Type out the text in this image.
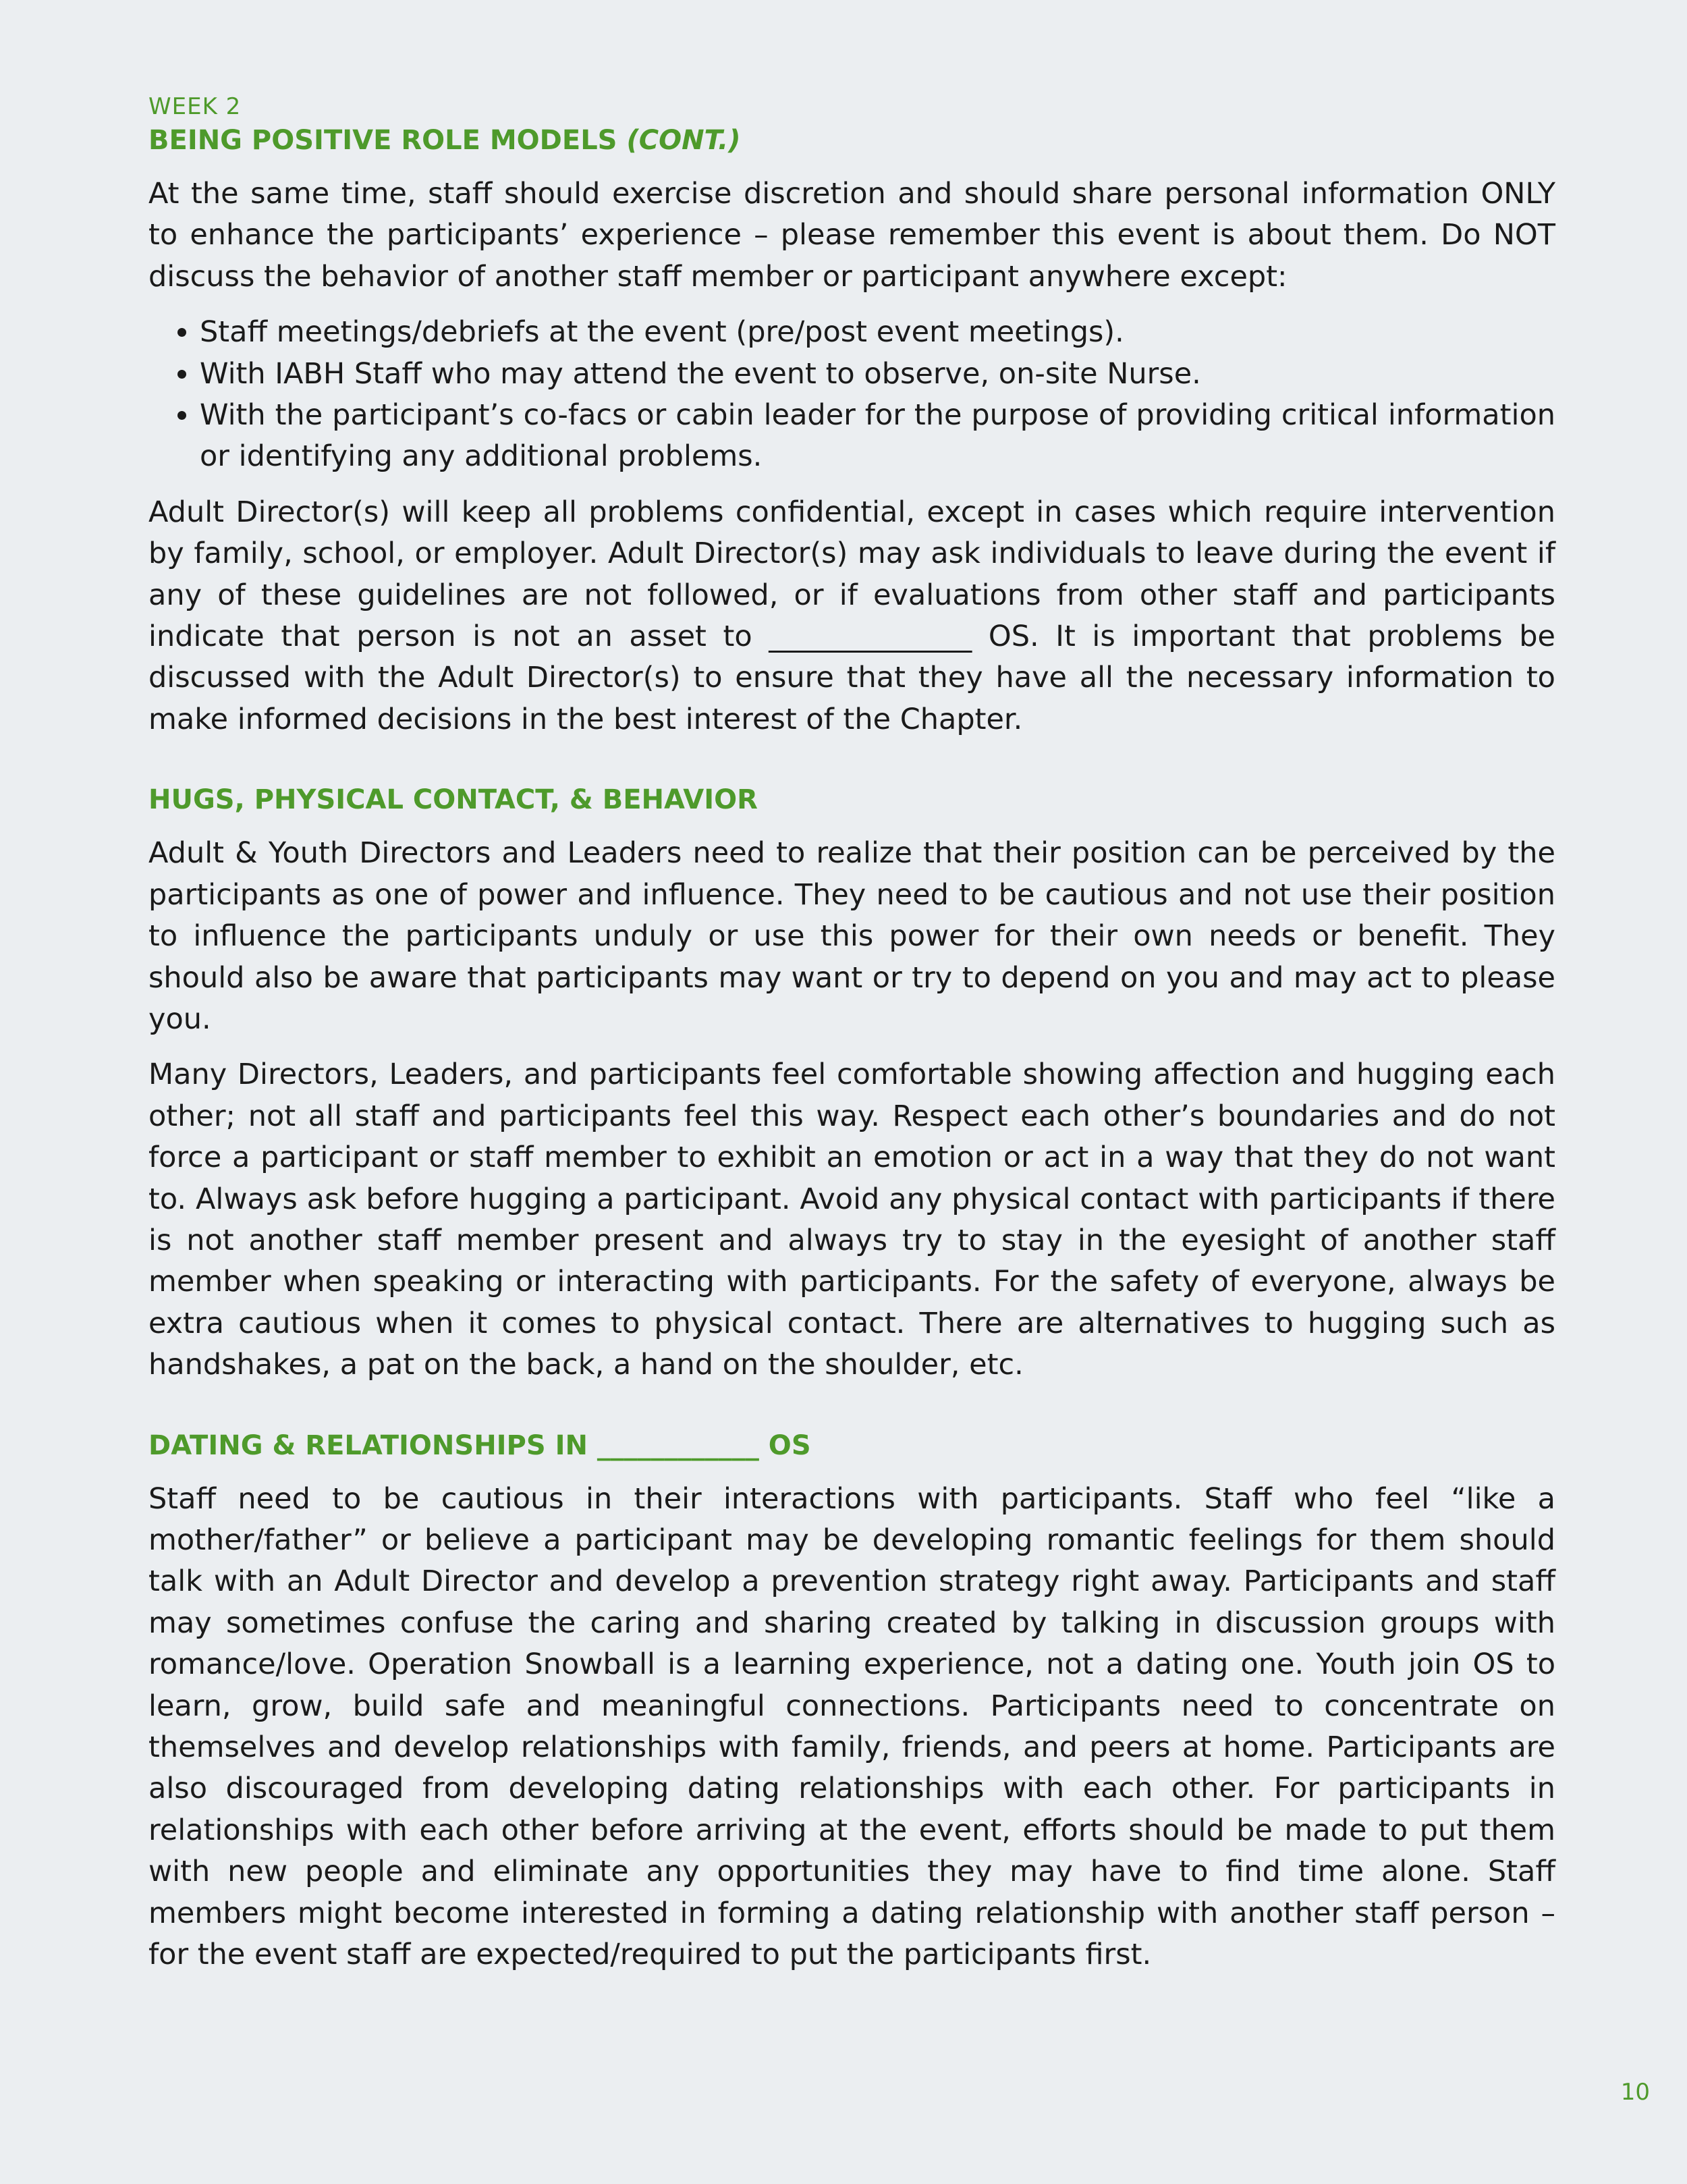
WEEK 2
BEING POSITIVE ROLE MODELS (CONT.)

At the same time, staff should exercise discretion and should share personal information ONLY to enhance the participants’ experience – please remember this event is about them. Do NOT discuss the behavior of another staff member or participant anywhere except:

• Staff meetings/debriefs at the event (pre/post event meetings).
• With IABH Staff who may attend the event to observe, on-site Nurse.
• With the participant’s co-facs or cabin leader for the purpose of providing critical information or identifying any additional problems.

Adult Director(s) will keep all problems confidential, except in cases which require intervention by family, school, or employer. Adult Director(s) may ask individuals to leave during the event if any of these guidelines are not followed, or if evaluations from other staff and participants indicate that person is not an asset to ______________ OS. It is important that problems be discussed with the Adult Director(s) to ensure that they have all the necessary information to make informed decisions in the best interest of the Chapter.

HUGS, PHYSICAL CONTACT, & BEHAVIOR

Adult & Youth Directors and Leaders need to realize that their position can be perceived by the participants as one of power and influence. They need to be cautious and not use their position to influence the participants unduly or use this power for their own needs or benefit. They should also be aware that participants may want or try to depend on you and may act to please you.

Many Directors, Leaders, and participants feel comfortable showing affection and hugging each other; not all staff and participants feel this way. Respect each other’s boundaries and do not force a participant or staff member to exhibit an emotion or act in a way that they do not want to. Always ask before hugging a participant. Avoid any physical contact with participants if there is not another staff member present and always try to stay in the eyesight of another staff member when speaking or interacting with participants. For the safety of everyone, always be extra cautious when it comes to physical contact. There are alternatives to hugging such as handshakes, a pat on the back, a hand on the shoulder, etc.

DATING & RELATIONSHIPS IN ____________ OS

Staff need to be cautious in their interactions with participants. Staff who feel “like a mother/father” or believe a participant may be developing romantic feelings for them should talk with an Adult Director and develop a prevention strategy right away. Participants and staff may sometimes confuse the caring and sharing created by talking in discussion groups with romance/love. Operation Snowball is a learning experience, not a dating one. Youth join OS to learn, grow, build safe and meaningful connections. Participants need to concentrate on themselves and develop relationships with family, friends, and peers at home. Participants are also discouraged from developing dating relationships with each other. For participants in relationships with each other before arriving at the event, efforts should be made to put them with new people and eliminate any opportunities they may have to find time alone. Staff members might become interested in forming a dating relationship with another staff person – for the event staff are expected/required to put the participants first.

10
